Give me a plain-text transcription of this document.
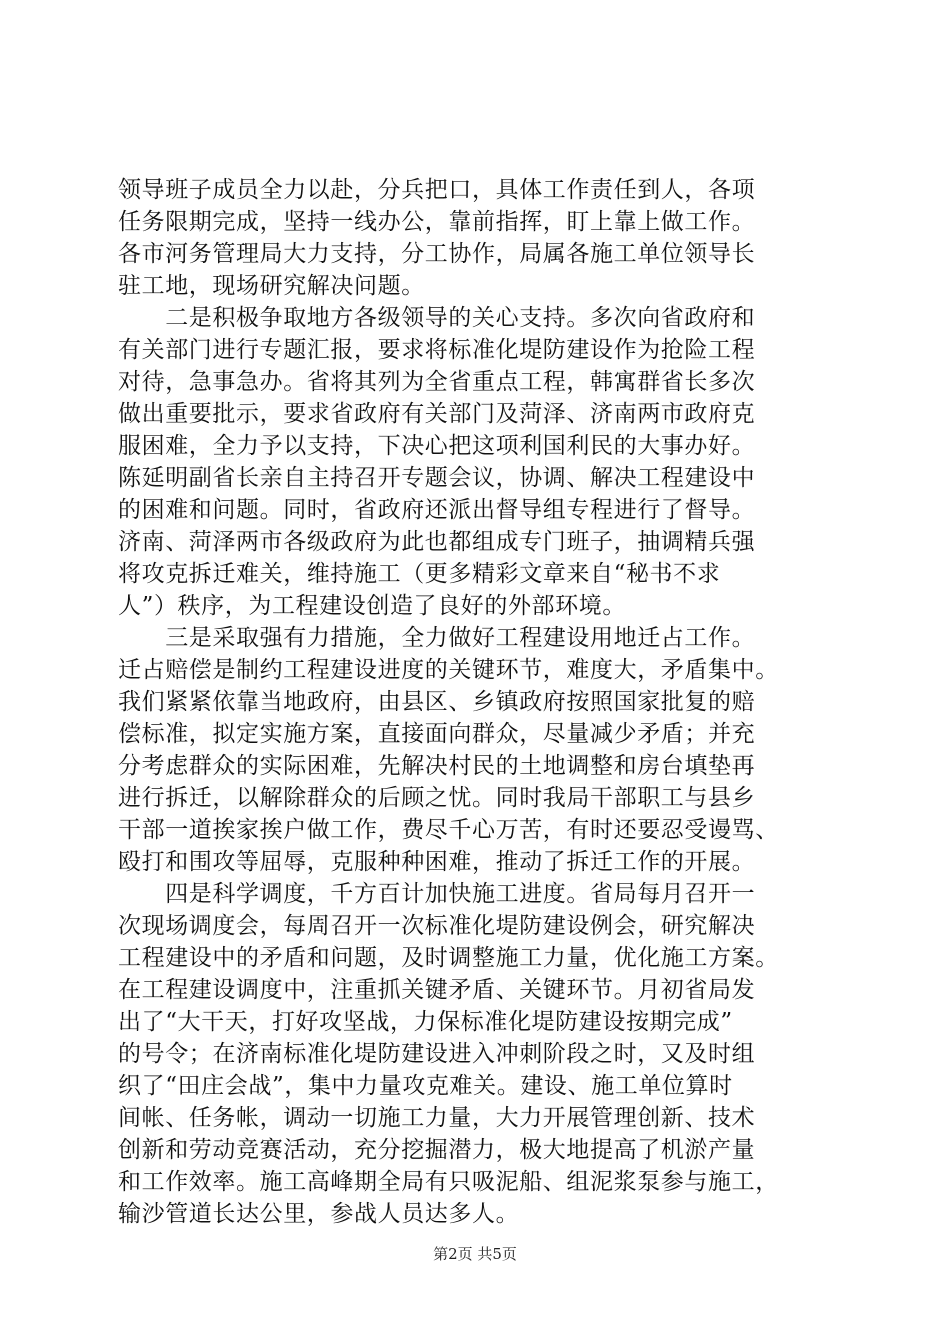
领导班子成员全力以赴，分兵把口，具体工作责任到人，各项
任务限期完成，坚持一线办公，靠前指挥，盯上靠上做工作。
各市河务管理局大力支持，分工协作，局属各施工单位领导长
驻工地，现场研究解决问题。
　　二是积极争取地方各级领导的关心支持。多次向省政府和
有关部门进行专题汇报，要求将标准化堤防建设作为抢险工程
对待，急事急办。省将其列为全省重点工程，韩寓群省长多次
做出重要批示，要求省政府有关部门及菏泽、济南两市政府克
服困难，全力予以支持，下决心把这项利国利民的大事办好。
陈延明副省长亲自主持召开专题会议，协调、解决工程建设中
的困难和问题。同时，省政府还派出督导组专程进行了督导。
济南、菏泽两市各级政府为此也都组成专门班子，抽调精兵强
将攻克拆迁难关，维持施工（更多精彩文章来自“秘书不求
人”）秩序，为工程建设创造了良好的外部环境。
　　三是采取强有力措施，全力做好工程建设用地迁占工作。
迁占赔偿是制约工程建设进度的关键环节，难度大，矛盾集中。
我们紧紧依靠当地政府，由县区、乡镇政府按照国家批复的赔
偿标准，拟定实施方案，直接面向群众，尽量减少矛盾；并充
分考虑群众的实际困难，先解决村民的土地调整和房台填垫再
进行拆迁，以解除群众的后顾之忧。同时我局干部职工与县乡
干部一道挨家挨户做工作，费尽千心万苦，有时还要忍受谩骂、
殴打和围攻等屈辱，克服种种困难，推动了拆迁工作的开展。
　　四是科学调度，千方百计加快施工进度。省局每月召开一
次现场调度会，每周召开一次标准化堤防建设例会，研究解决
工程建设中的矛盾和问题，及时调整施工力量，优化施工方案。
在工程建设调度中，注重抓关键矛盾、关键环节。月初省局发
出了“大干天，打好攻坚战，力保标准化堤防建设按期完成”
的号令；在济南标准化堤防建设进入冲刺阶段之时，又及时组
织了“田庄会战”，集中力量攻克难关。建设、施工单位算时
间帐、任务帐，调动一切施工力量，大力开展管理创新、技术
创新和劳动竞赛活动，充分挖掘潜力，极大地提高了机淤产量
和工作效率。施工高峰期全局有只吸泥船、组泥浆泵参与施工，
输沙管道长达公里，参战人员达多人。
第2页 共5页
